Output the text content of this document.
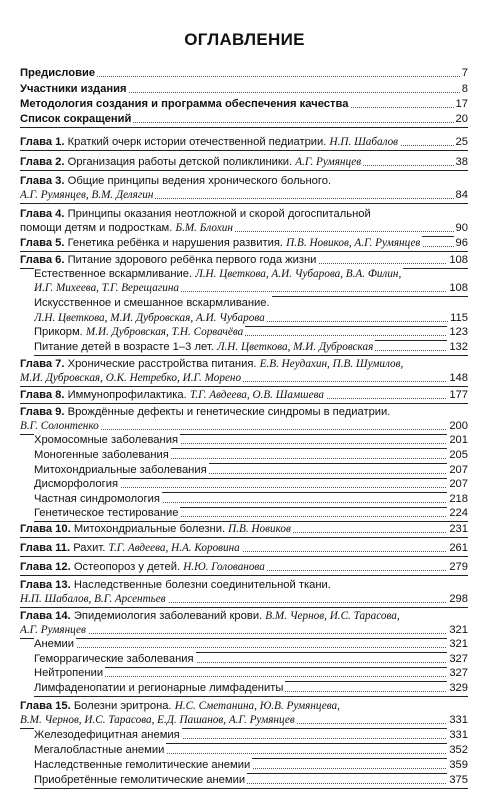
ОГЛАВЛЕНИЕ
Предисловие	7
Участники издания	8
Методология создания и программа обеспечения качества	17
Список сокращений	20
Глава 1. Краткий очерк истории отечественной педиатрии. Н.П. Шабалов	25
Глава 2. Организация работы детской поликлиники. А.Г. Румянцев	38
Глава 3. Общие принципы ведения хронического больного.
А.Г. Румянцев, В.М. Делягин	84
Глава 4. Принципы оказания неотложной и скорой догоспитальной
помощи детям и подросткам. Б.М. Блохин	90
Глава 5. Генетика ребёнка и нарушения развития. П.В. Новиков, А.Г. Румянцев	96
Глава 6. Питание здорового ребёнка первого года жизни	108
Естественное вскармливание. Л.Н. Цветкова, А.И. Чубарова, В.А. Филин,
И.Г. Михеева, Т.Г. Верещагина	108
Искусственное и смешанное вскармливание.
Л.Н. Цветкова, М.И. Дубровская, А.И. Чубарова	115
Прикорм. М.И. Дубровская, Т.Н. Сорвачёва	123
Питание детей в возрасте 1–3 лет. Л.Н. Цветкова, М.И. Дубровская	132
Глава 7. Хронические расстройства питания. Е.В. Неудахин, П.В. Шумилов,
М.И. Дубровская, О.К. Нетребко, И.Г. Морено	148
Глава 8. Иммунопрофилактика. Т.Г. Авдеева, О.В. Шамшева	177
Глава 9. Врождённые дефекты и генетические синдромы в педиатрии.
В.Г. Солонтенко	200
Хромосомные заболевания	201
Моногенные заболевания	205
Митохондриальные заболевания	207
Дисморфология	207
Частная синдромология	218
Генетическое тестирование	224
Глава 10. Митохондриальные болезни. П.В. Новиков	231
Глава 11. Рахит. Т.Г. Авдеева, Н.А. Коровина	261
Глава 12. Остеопороз у детей. Н.Ю. Голованова	279
Глава 13. Наследственные болезни соединительной ткани.
Н.П. Шабалов, В.Г. Арсентьев	298
Глава 14. Эпидемиология заболеваний крови. В.М. Чернов, И.С. Тарасова,
А.Г. Румянцев	321
Анемии	321
Геморрагические заболевания	327
Нейтропении	327
Лимфаденопатии и регионарные лимфадениты	329
Глава 15. Болезни эритрона. Н.С. Сметанина, Ю.В. Румянцева,
В.М. Чернов, И.С. Тарасова, Е.Д. Пашанов, А.Г. Румянцев	331
Железодефицитная анемия	331
Мегалобластные анемии	352
Наследственные гемолитические анемии	359
Приобретённые гемолитические анемии	375
